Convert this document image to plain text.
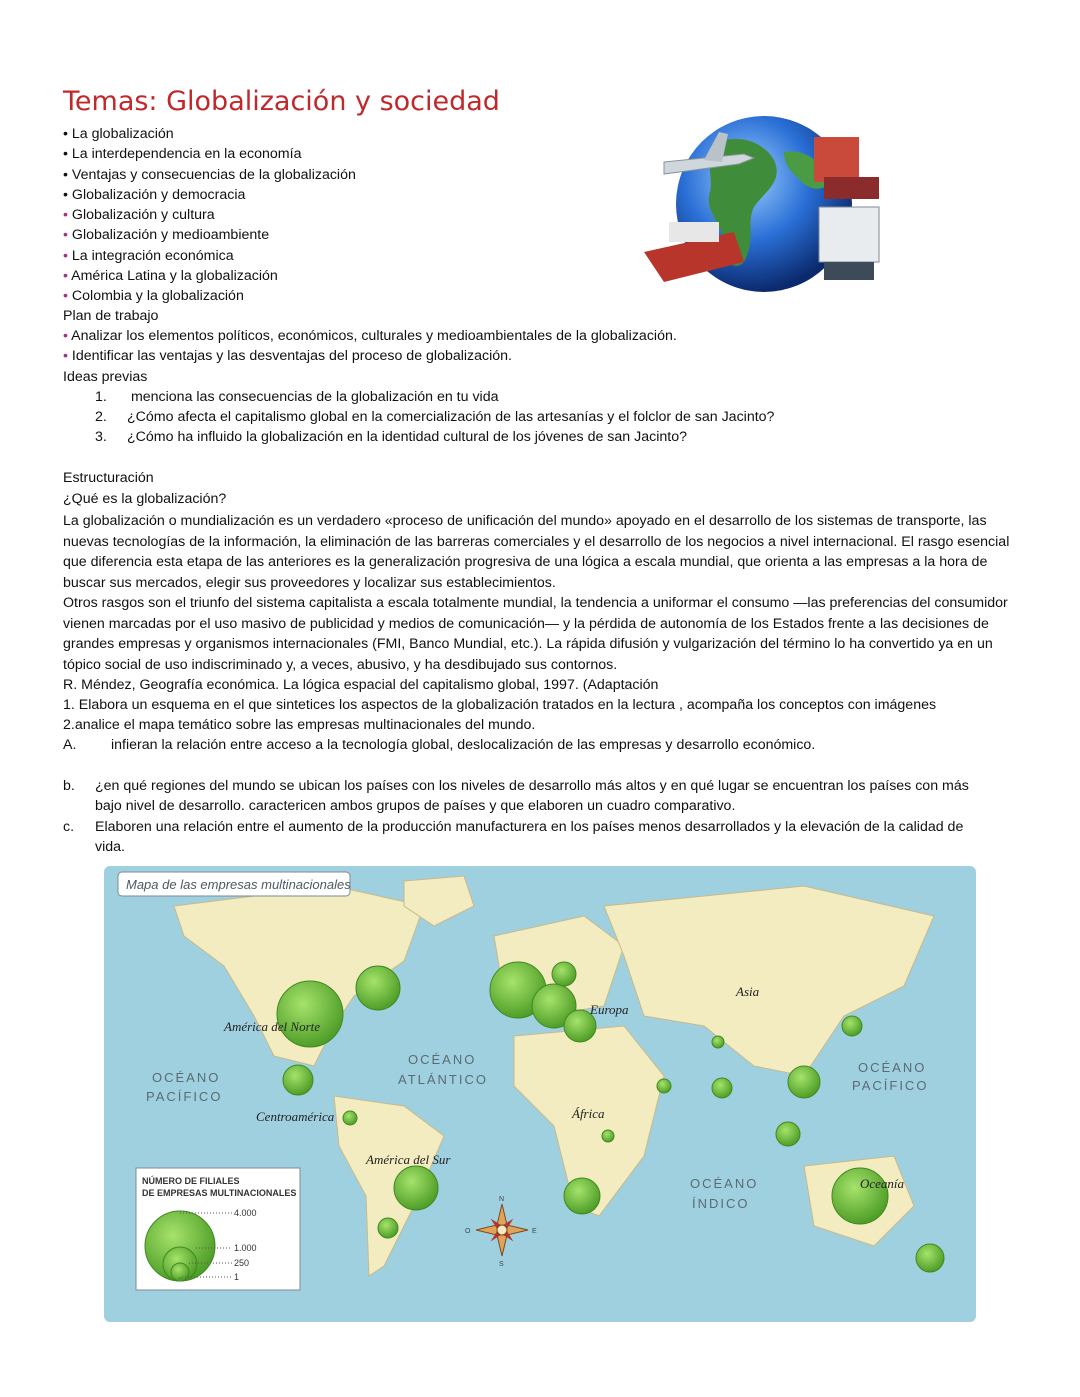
Temas: Globalización y sociedad
• La globalización
• La interdependencia en la economía
• Ventajas y consecuencias de la globalización
• Globalización y democracia
• Globalización y cultura
• Globalización y medioambiente
• La integración económica
• América Latina y la globalización
• Colombia y la globalización

Plan de trabajo

• Analizar los elementos políticos, económicos, culturales y medioambientales de la globalización.

• Identificar las ventajas y las desventajas del proceso de globalización.

Ideas previas

1. menciona las consecuencias de la globalización en tu vida
2. ¿Cómo afecta el capitalismo global en la comercialización de las artesanías y el folclor de san Jacinto?
3. ¿Cómo ha influido la globalización en la identidad cultural de los jóvenes de san Jacinto?

Estructuración

¿Qué es la globalización?

La globalización o mundialización es un verdadero «proceso de unificación del mundo» apoyado en el desarrollo de los sistemas de transporte, las nuevas tecnologías de la información, la eliminación de las barreras comerciales y el desarrollo de los negocios a nivel internacional. El rasgo esencial que diferencia esta etapa de las anteriores es la generalización progresiva de una lógica a escala mundial, que orienta a las empresas a la hora de buscar sus mercados, elegir sus proveedores y localizar sus establecimientos.

Otros rasgos son el triunfo del sistema capitalista a escala totalmente mundial, la tendencia a uniformar el consumo —las preferencias del consumidor vienen marcadas por el uso masivo de publicidad y medios de comunicación— y la pérdida de autonomía de los Estados frente a las decisiones de grandes empresas y organismos internacionales (FMI, Banco Mundial, etc.). La rápida difusión y vulgarización del término lo ha convertido ya en un tópico social de uso indiscriminado y, a veces, abusivo, y ha desdibujado sus contornos.

R. Méndez, Geografía económica. La lógica espacial del capitalismo global, 1997. (Adaptación

1. Elabora un esquema en el que sintetices los aspectos de la globalización tratados en la lectura , acompaña los conceptos con imágenes

2.analice el mapa temático sobre las empresas multinacionales del mundo.

A. infieran la relación entre acceso a la tecnología global, deslocalización de las empresas y desarrollo económico.
b. ¿en qué regiones del mundo se ubican los países con los niveles de desarrollo más altos y en qué lugar se encuentran los países con más bajo nivel de desarrollo. caractericen ambos grupos de países y que elaboren un cuadro comparativo.
c. Elaboren una relación entre el aumento de la producción manufacturera en los países menos desarrollados y la elevación de la calidad de vida.
Mapa de las empresas multinacionales
América del Norte
Centroamérica
América del Sur
Europa
Asia
África
Oceanía
OCÉANO
PACÍFICO
OCÉANO
ATLÁNTICO
OCÉANO
ÍNDICO
OCÉANO
PACÍFICO
N
S
E
O
NÚMERO DE FILIALES
DE EMPRESAS MULTINACIONALES
4.000
1.000
250
1
